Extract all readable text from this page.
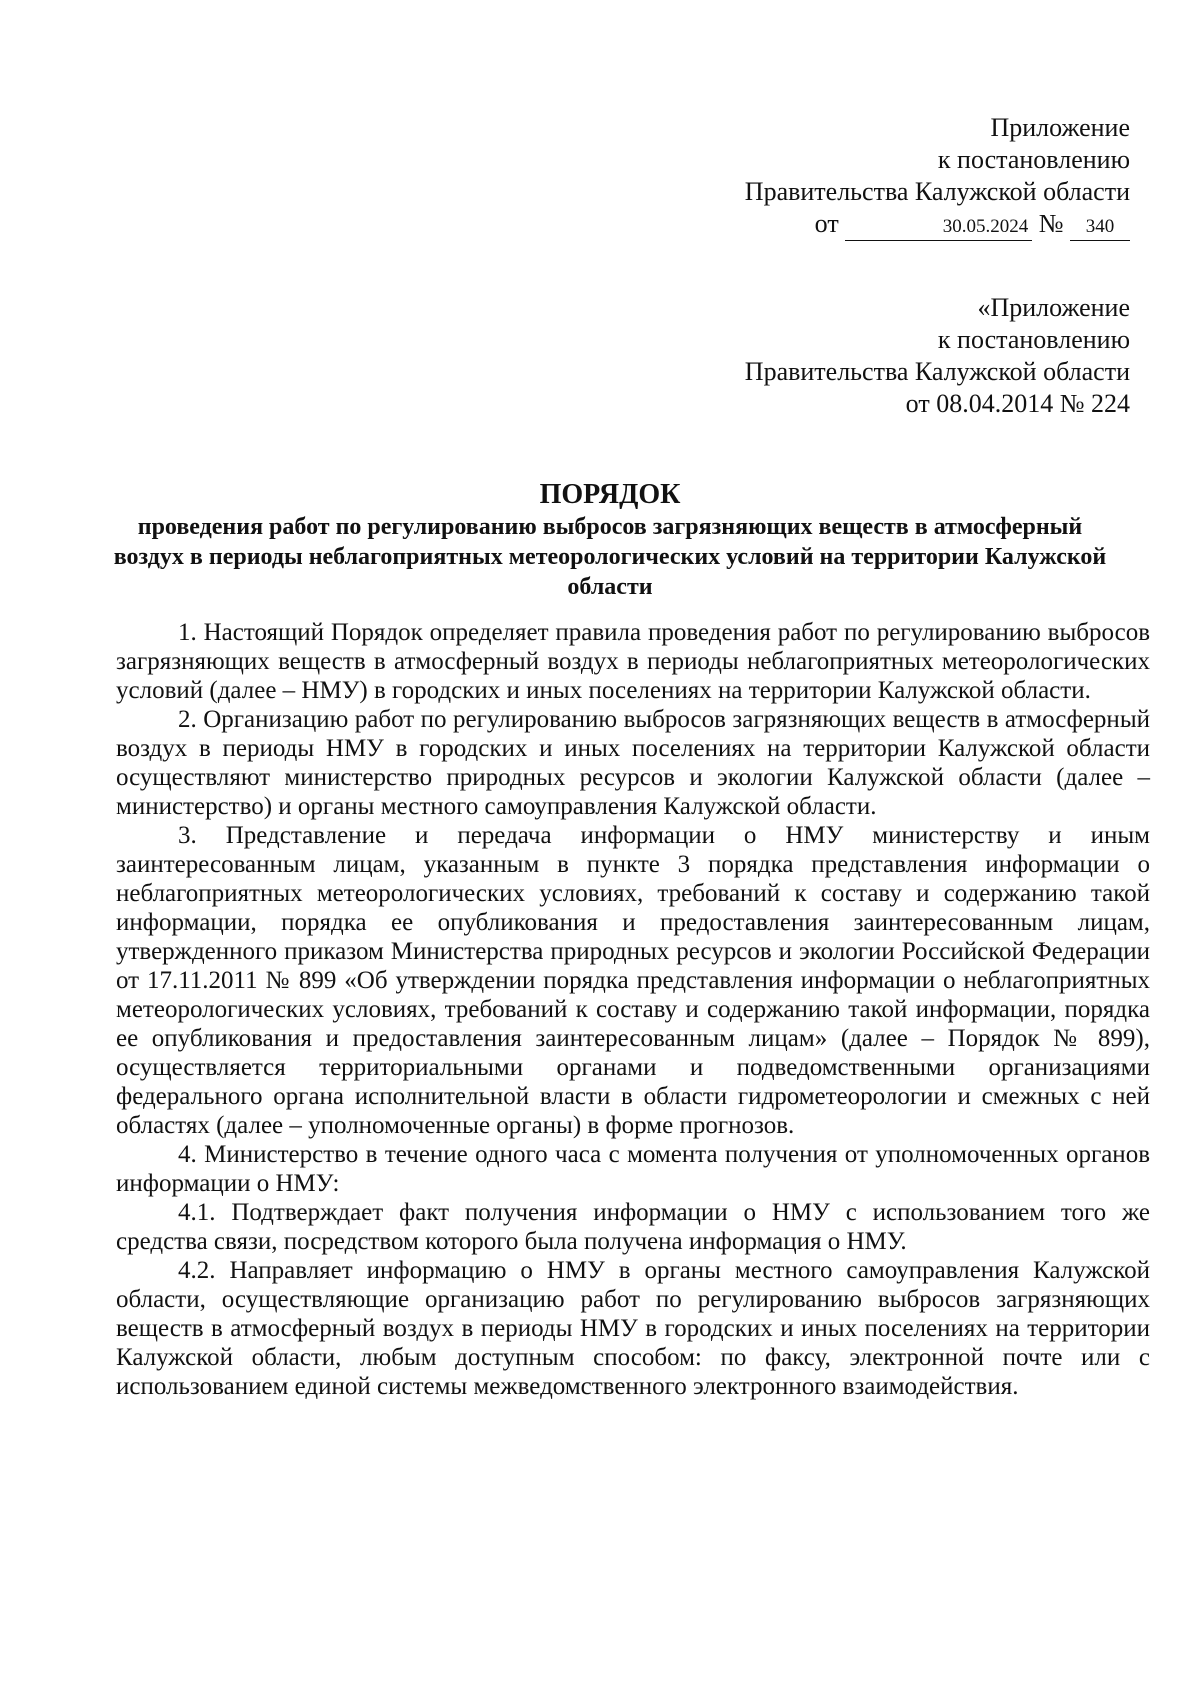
Приложение
к постановлению
Правительства Калужской области
от	30.05.2024 № 340
«Приложение
к постановлению
Правительства Калужской области
от 08.04.2014 № 224
ПОРЯДОК
проведения работ по регулированию выбросов загрязняющих веществ в атмосферный воздух в периоды неблагоприятных метеорологических условий на территории Калужской области

1. Настоящий Порядок определяет правила проведения работ по регулированию выбросов загрязняющих веществ в атмосферный воздух в периоды неблагоприятных метеорологических условий (далее – НМУ) в городских и иных поселениях на территории Калужской области.

2. Организацию работ по регулированию выбросов загрязняющих веществ в атмосферный воздух в периоды НМУ в городских и иных поселениях на территории Калужской области осуществляют министерство природных ресурсов и экологии Калужской области (далее – министерство) и органы местного самоуправления Калужской области.

3. Представление и передача информации о НМУ министерству и иным заинтересованным лицам, указанным в пункте 3 порядка представления информации о неблагоприятных метеорологических условиях, требований к составу и содержанию такой информации, порядка ее опубликования и предоставления заинтересованным лицам, утвержденного приказом Министерства природных ресурсов и экологии Российской Федерации от 17.11.2011 № 899 «Об утверждении порядка представления информации о неблагоприятных метеорологических условиях, требований к составу и содержанию такой информации, порядка ее опубликования и предоставления заинтересованным лицам» (далее – Порядок № 899), осуществляется территориальными органами и подведомственными организациями федерального органа исполнительной власти в области гидрометеорологии и смежных с ней областях (далее – уполномоченные органы) в форме прогнозов.

4. Министерство в течение одного часа с момента получения от уполномоченных органов информации о НМУ:

4.1. Подтверждает факт получения информации о НМУ с использованием того же средства связи, посредством которого была получена информация о НМУ.

4.2. Направляет информацию о НМУ в органы местного самоуправления Калужской области, осуществляющие организацию работ по регулированию выбросов загрязняющих веществ в атмосферный воздух в периоды НМУ в городских и иных поселениях на территории Калужской области, любым доступным способом: по факсу, электронной почте или с использованием единой системы межведомственного электронного взаимодействия.
